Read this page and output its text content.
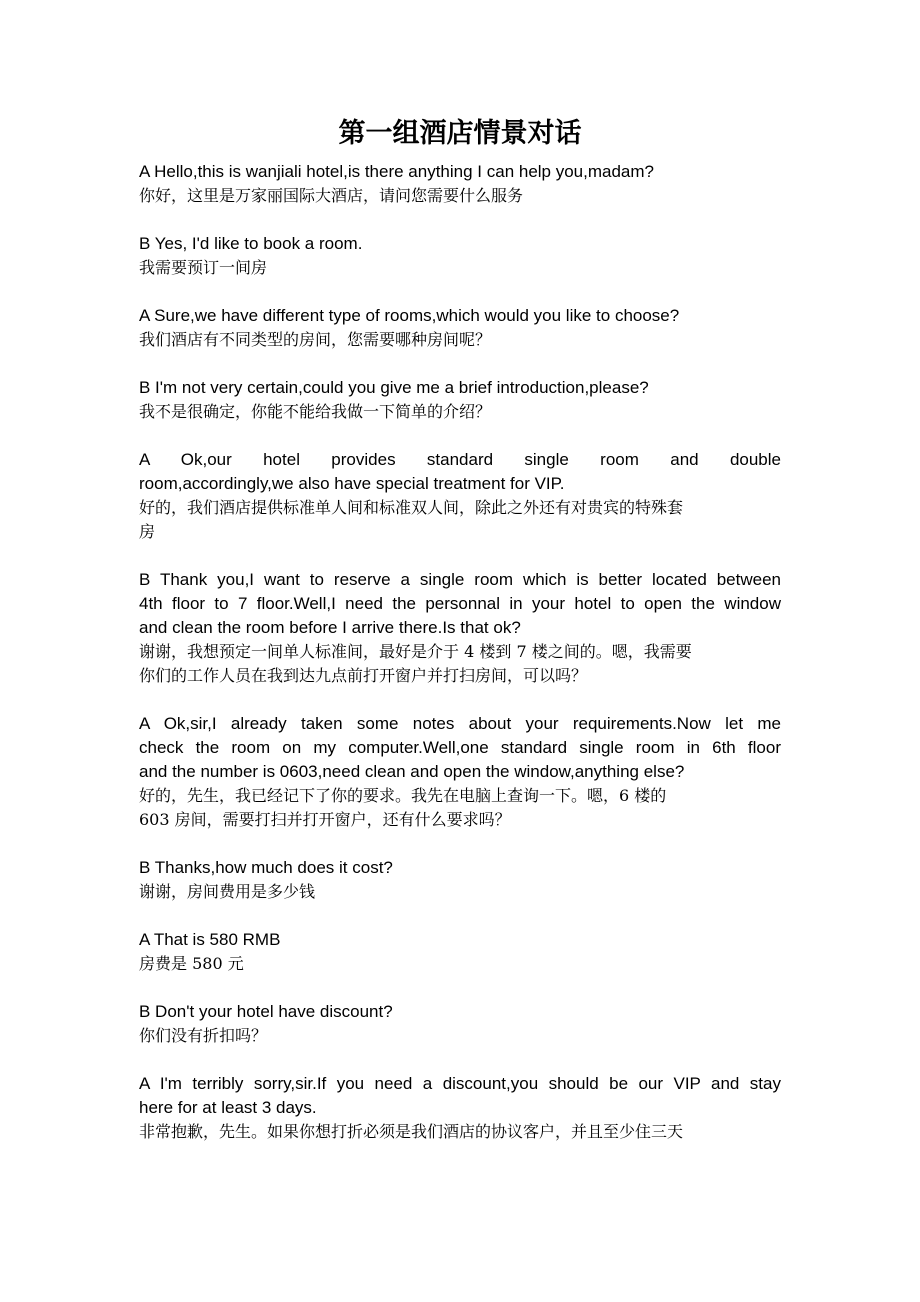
第一组酒店情景对话
A Hello,this is wanjiali hotel,is there anything I can help you,madam?
你好，这里是万家丽国际大酒店，请问您需要什么服务
B Yes, I'd like to book a room.
我需要预订一间房
A Sure,we have different type of rooms,which would you like to choose?
我们酒店有不同类型的房间，您需要哪种房间呢？
B I'm not very certain,could you give me a brief introduction,please?
我不是很确定，你能不能给我做一下简单的介绍？
A Ok,our hotel provides standard single room and double
room,accordingly,we also have special treatment for VIP.
好的，我们酒店提供标准单人间和标准双人间，除此之外还有对贵宾的特殊套
房
B Thank you,I want to reserve a single room which is better located between
4th floor to 7 floor.Well,I need the personnal in your hotel to open the window
and clean the room before I arrive there.Is that ok?
谢谢，我想预定一间单人标准间，最好是介于 4 楼到 7 楼之间的。嗯，我需要
你们的工作人员在我到达九点前打开窗户并打扫房间，可以吗？
A Ok,sir,I already taken some notes about your requirements.Now let me
check the room on my computer.Well,one standard single room in 6th floor
and the number is 0603,need clean and open the window,anything else?
好的，先生，我已经记下了你的要求。我先在电脑上查询一下。嗯，6 楼的
603 房间，需要打扫并打开窗户，还有什么要求吗？
B Thanks,how much does it cost?
谢谢，房间费用是多少钱
A That is 580 RMB
房费是 580 元
B Don't your hotel have discount?
你们没有折扣吗？
A I'm terribly sorry,sir.If you need a discount,you should be our VIP and stay
here for at least 3 days.
非常抱歉，先生。如果你想打折必须是我们酒店的协议客户，并且至少住三天
